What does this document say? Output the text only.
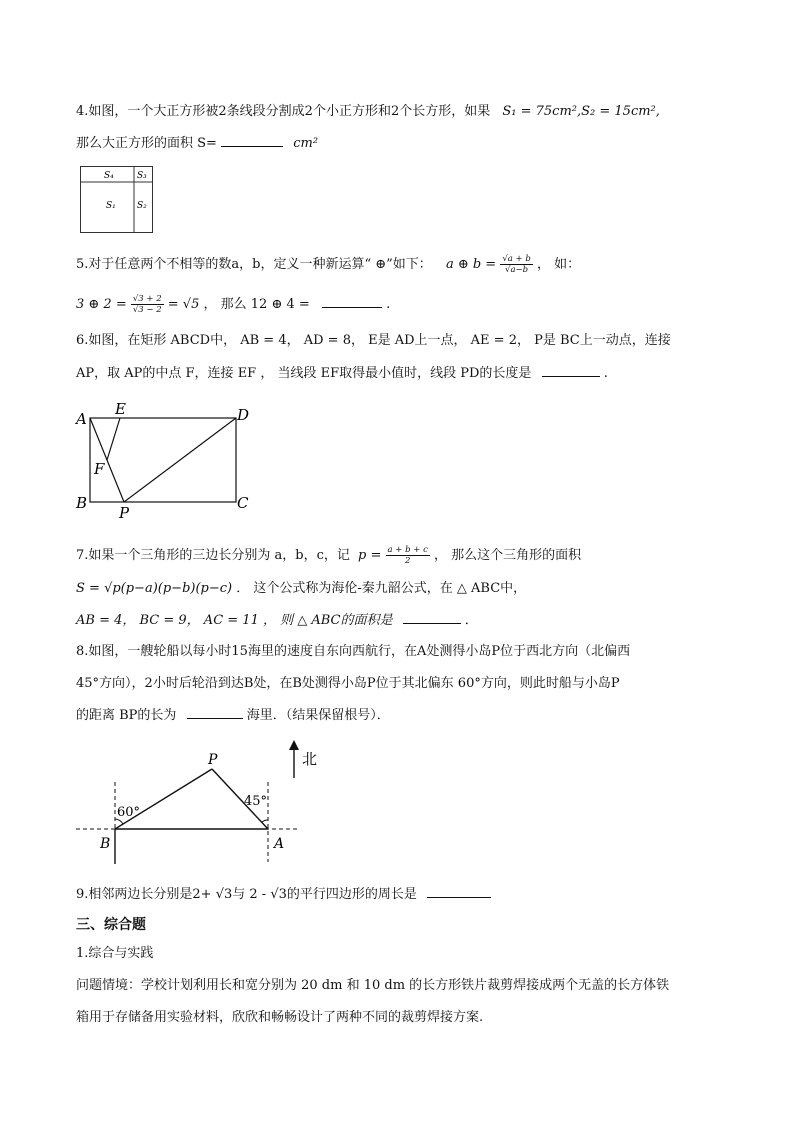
4.如图，一个大正方形被2条线段分割成2个小正方形和2个长方形，如果 S₁ = 75cm²,S₂ = 15cm²,
那么大正方形的面积 S=	cm²
S₄	S₃
S₁ S₂
5.对于任意两个不相等的数a，b，定义一种新运算“ ⊕”如下： a ⊕ $b = \frac{√a + b}{√a-b}$ ， 如：
3 ⊕ $2 = \frac{√3 + 2}{√3 - 2} = √5$ ， 那么 12 ⊕ 4 =	.
6.如图，在矩形 ABCD中， AB = 4， AD = 8， E是 AD上一点， AE = 2， P是 BC上一动点，连接
AP，取 AP的中点 F，连接 EF ， 当线段 EF取得最小值时，线段 PD的长度是	.
A
E	D
F
B
P
C
7.如果一个三角形的三边长分别为 a，b，c，记 $p = \frac{a + b + c}{2}$ ， 那么这个三角形的面积
S = √p(p−a)(p−b)(p−c) ． 这个公式称为海伦-秦九韶公式，在 △ ABC中，
AB = 4， BC = 9， AC = 11 ， 则 △ ABC的面积是	．
8.如图，一艘轮船以每小时15海里的速度自东向西航行，在A处测得小岛P位于西北方向（北偏西
45°方向），2小时后轮沿到达B处，在B处测得小岛P位于其北偏东 60°方向，则此时船与小岛P
的距离 BP的长为	海里．（结果保留根号）．
北
P
60°
45°
B	A
9.相邻两边长分别是2+ √3与 2 - √3的平行四边形的周长是
三、综合题
1.综合与实践
问题情境：学校计划利用长和宽分别为 20 dm 和 10 dm 的长方形铁片裁剪焊接成两个无盖的长方体铁
箱用于存储备用实验材料，欣欣和畅畅设计了两种不同的裁剪焊接方案.
